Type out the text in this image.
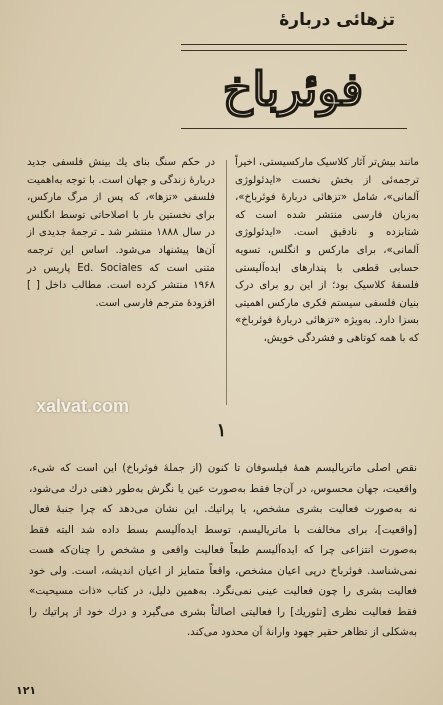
تزهائی دربارهٔ
فوئرباخ
مانند بیش‌تر آثار کلاسیک مارکسیستی، اخیراً ترجمه‌ئی از بخش نخست «ایدئولوژی آلمانی»، شامل «تزهائی دربارهٔ فوئرباخ»، به‌زبان فارسی منتشر شده است که شتابزده و نادقیق است. «ایدئولوژی آلمانی»، برای مارکس و انگلس، تسویه حسابی قطعی با پندارهای ایده‌آلیستی فلسفهٔ کلاسیک بود؛ از این رو برای درک بنیان فلسفی سیستم فکری مارکس اهمیتی بسزا دارد. به‌ویژه «تزهائی دربارهٔ فوئرباخ» که با همه کوتاهی و فشردگی خویش،
در حکم سنگ بنای یك بینش فلسفی جدید دربارهٔ زندگی و جهان است. با توجه به‌اهمیت فلسفی «تزها»، که پس از مرگ مارکس، برای نخستین بار با اصلاحاتی توسط انگلس در سال ۱۸۸۸ منتشر شد ـ ترجمهٔ جدیدی از آن‌ها پیشنهاد می‌شود. اساس این ترجمه متنی است که Ed. Sociales پاریس در ۱۹۶۸ منتشر کرده است. مطالب داخل [ ] افزودهٔ مترجم فارسی است.
xalvat.com
۱
نقص اصلی ماتریالیسم همهٔ فیلسوفان تا کنون (از جملهٔ فوئرباخ) این است که شیء، واقعیت، جهان محسوس، در آن‌جا فقط به‌صورت عین یا نگرش به‌طور ذهنی درك می‌شود، نه به‌صورت فعالیت بشری مشخص، یا پراتیك. این نشان می‌دهد که چرا جنبهٔ فعال [واقعیت]، برای مخالفت با ماتریالیسم، توسط ایده‌آلیسم بسط داده شد البته فقط به‌صورت انتزاعی چرا که ایده‌آلیسم طبعاً فعالیت واقعی و مشخص را چنان‌که هست نمی‌شناسد. فوئرباخ درپی اعیان مشخص، واقعاً متمایز از اعیان اندیشه، است. ولی خود فعالیت بشری را چون فعالیت عینی نمی‌نگرد. به‌همین دلیل، در کتاب «ذات مسیحیت» فقط فعالیت نظری [تئوریك] را فعالیتی اصالتاً بشری می‌گیرد و درك خود از پراتیك را به‌شکلی از تظاهر حقیر جهود وارانهٔ آن محدود می‌کند.
۱۲۱
